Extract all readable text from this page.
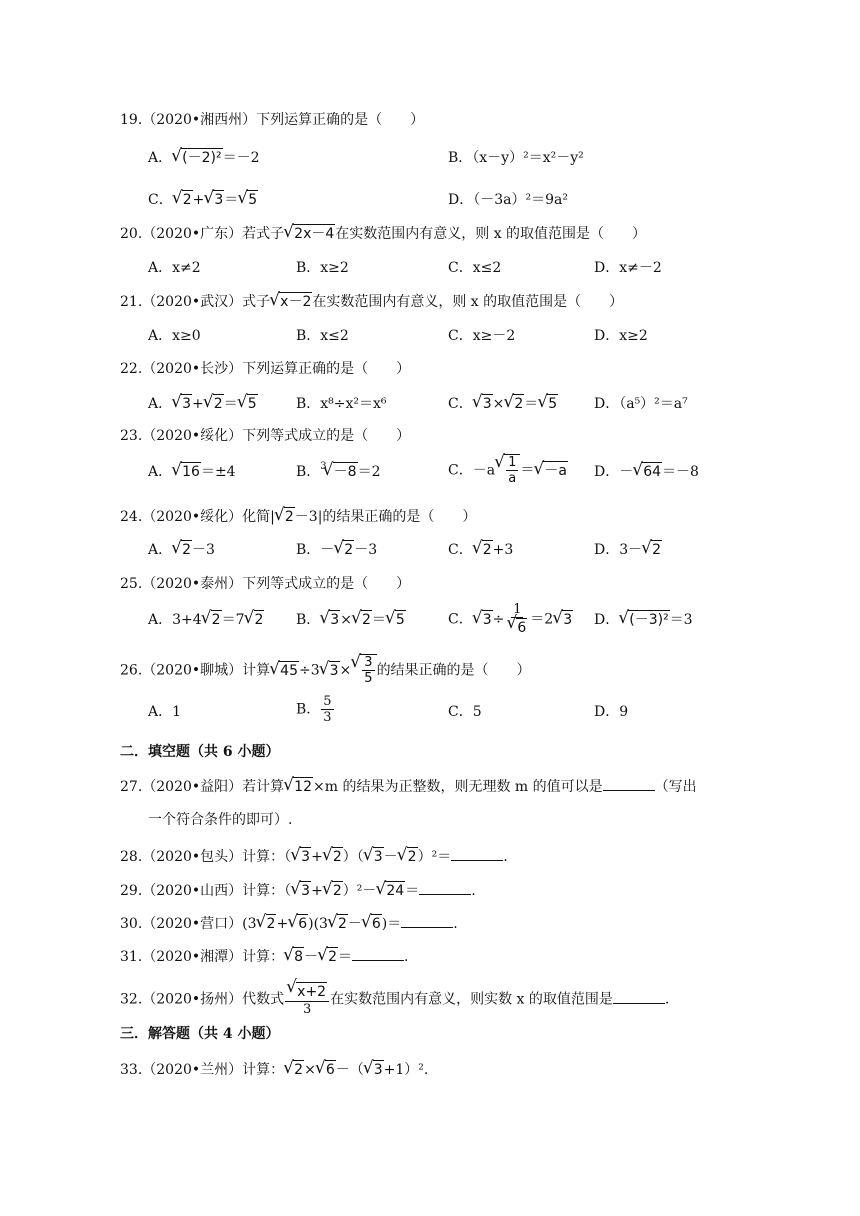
19.（2020•湘西州）下列运算正确的是（　　）
A． √ (－2)²＝－2	B．（x－y）²＝x²－y²
C． √ 2+ √ 3＝ √ 5	D．（－3a）²＝9a²
20.（2020•广东）若式子 √ 2x－4在实数范围内有意义，则 x 的取值范围是（　　）
A．x≠2	B．x≥2	C．x≤2	D．x≠－2
21.（2020•武汉）式子 √ x－2在实数范围内有意义，则 x 的取值范围是（　　）
A．x≥0	B．x≤2	C．x≥－2	D．x≥2
22.（2020•长沙）下列运算正确的是（　　）
A． √ 3+ √ 2＝ √ 5	B．x⁸÷x²＝x⁶	C． √ 3× √ 2＝ √ 5	D．（a⁵）²＝a⁷
23.（2020•绥化）下列等式成立的是（　　）
A． √ 16＝±4	B．$^3$ √ －8＝2	C．－a √ $\frac{1}{a}$ ＝ √ －a D．－ √ 64＝－8
24.（2020•绥化）化简| √ 2－3|的结果正确的是（　　）
A． √ 2－3	B．－ √ 2－3	C． √ 2+3	D．3－ √ 2
25.（2020•泰州）下列等式成立的是（　　）
A．3+4 √ 2＝7 √ 2 B． √ 3× √ 2＝ √ 5	C． √ 3÷ 1
√ 6 ＝2 √ 3 D． √ (－3)²＝3
26.（2020•聊城）计算 √ 45÷3 √ 3× √ $\frac{3}{5}$ 的结果正确的是（　　）
A．1	B． $\frac{5}{3}$	C．5	D．9
二．填空题（共 6 小题）
27.（2020•益阳）若计算 √ 12×m 的结果为正整数，则无理数 m 的值可以是	（写出
一个符合条件的即可）.
28.（2020•包头）计算：（ √ 3+ √ 2）（ √ 3－ √ 2）²＝	.
29.（2020•山西）计算：（ √ 3+ √ 2）²－ √ 24＝	.
30.（2020•营口）(3 √ 2+ √ 6)(3 √ 2－ √ 6)＝	.
31.（2020•湘潭）计算： √ 8－ √ 2＝	.
32.（2020•扬州）代数式 √ $\frac{x+2}{3}$ 在实数范围内有意义，则实数 x 的取值范围是	.
三．解答题（共 4 小题）
33.（2020•兰州）计算： √ 2× √ 6－（ √ 3+1）².
